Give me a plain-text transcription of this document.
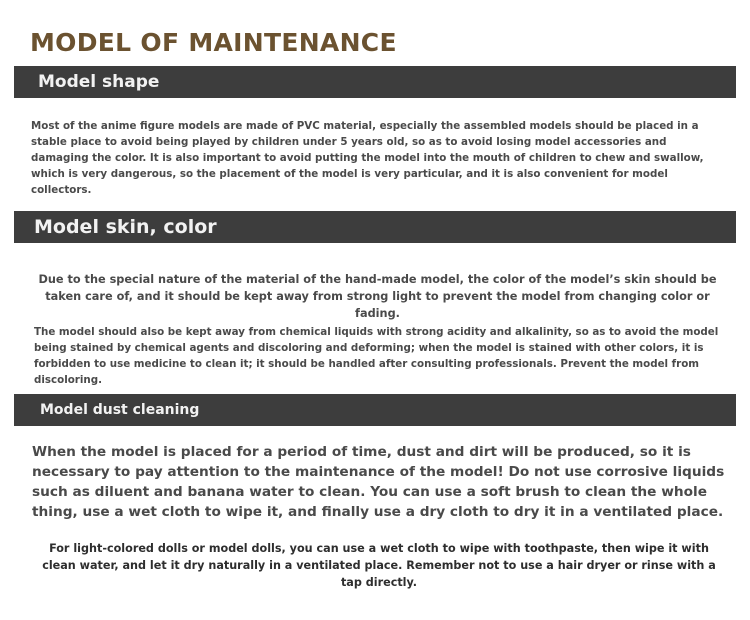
MODEL OF MAINTENANCE
Model shape
Most of the anime figure models are made of PVC material, especially the assembled models should be placed in a stable place to avoid being played by children under 5 years old, so as to avoid losing model accessories and damaging the color. It is also important to avoid putting the model into the mouth of children to chew and swallow, which is very dangerous, so the placement of the model is very particular, and it is also convenient for model collectors.
Model skin, color
Due to the special nature of the material of the hand-made model, the color of the model’s skin should be taken care of, and it should be kept away from strong light to prevent the model from changing color or fading.
The model should also be kept away from chemical liquids with strong acidity and alkalinity, so as to avoid the model being stained by chemical agents and discoloring and deforming; when the model is stained with other colors, it is forbidden to use medicine to clean it; it should be handled after consulting professionals. Prevent the model from discoloring.
Model dust cleaning
When the model is placed for a period of time, dust and dirt will be produced, so it is necessary to pay attention to the maintenance of the model! Do not use corrosive liquids such as diluent and banana water to clean. You can use a soft brush to clean the whole thing, use a wet cloth to wipe it, and finally use a dry cloth to dry it in a ventilated place.
For light-colored dolls or model dolls, you can use a wet cloth to wipe with toothpaste, then wipe it with clean water, and let it dry naturally in a ventilated place. Remember not to use a hair dryer or rinse with a tap directly.
